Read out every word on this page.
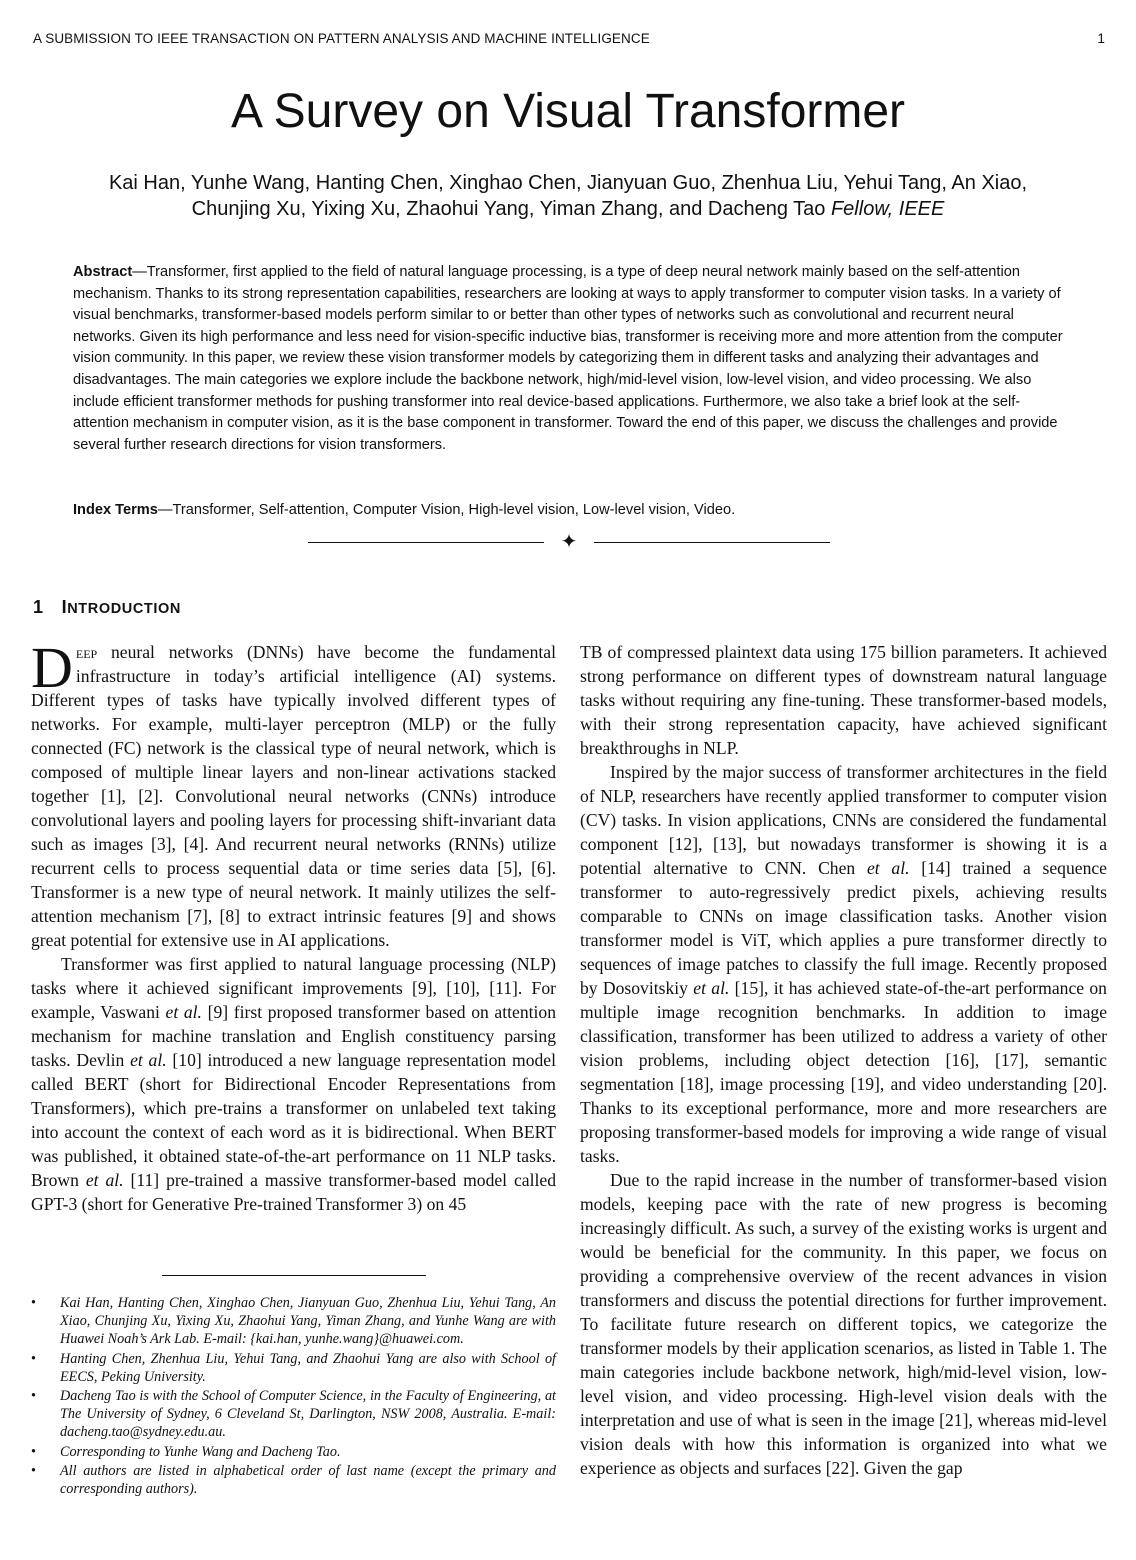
A SUBMISSION TO IEEE TRANSACTION ON PATTERN ANALYSIS AND MACHINE INTELLIGENCE	1
A Survey on Visual Transformer
Kai Han, Yunhe Wang, Hanting Chen, Xinghao Chen, Jianyuan Guo, Zhenhua Liu, Yehui Tang, An Xiao,
Chunjing Xu, Yixing Xu, Zhaohui Yang, Yiman Zhang, and Dacheng Tao Fellow, IEEE
Abstract—Transformer, first applied to the field of natural language processing, is a type of deep neural network mainly based on the self-attention mechanism. Thanks to its strong representation capabilities, researchers are looking at ways to apply transformer to computer vision tasks. In a variety of visual benchmarks, transformer-based models perform similar to or better than other types of networks such as convolutional and recurrent neural networks. Given its high performance and less need for vision-specific inductive bias, transformer is receiving more and more attention from the computer vision community. In this paper, we review these vision transformer models by categorizing them in different tasks and analyzing their advantages and disadvantages. The main categories we explore include the backbone network, high/mid-level vision, low-level vision, and video processing. We also include efficient transformer methods for pushing transformer into real device-based applications. Furthermore, we also take a brief look at the self-attention mechanism in computer vision, as it is the base component in transformer. Toward the end of this paper, we discuss the challenges and provide several further research directions for vision transformers.
Index Terms—Transformer, Self-attention, Computer Vision, High-level vision, Low-level vision, Video.
✦
1 INTRODUCTION

Deep neural networks (DNNs) have become the fundamental infrastructure in today’s artificial intelligence (AI) systems. Different types of tasks have typically involved different types of networks. For example, multi-layer perceptron (MLP) or the fully connected (FC) network is the classical type of neural network, which is composed of multiple linear layers and non-linear activations stacked together [1], [2]. Convolutional neural networks (CNNs) introduce convolutional layers and pooling layers for processing shift-invariant data such as images [3], [4]. And recurrent neural networks (RNNs) utilize recurrent cells to process sequential data or time series data [5], [6]. Transformer is a new type of neural network. It mainly utilizes the self-attention mechanism [7], [8] to extract intrinsic features [9] and shows great potential for extensive use in AI applications.

Transformer was first applied to natural language processing (NLP) tasks where it achieved significant improvements [9], [10], [11]. For example, Vaswani et al. [9] first proposed transformer based on attention mechanism for machine translation and English constituency parsing tasks. Devlin et al. [10] introduced a new language representation model called BERT (short for Bidirectional Encoder Representations from Transformers), which pre-trains a transformer on unlabeled text taking into account the context of each word as it is bidirectional. When BERT was published, it obtained state-of-the-art performance on 11 NLP tasks. Brown et al. [11] pre-trained a massive transformer-based model called GPT-3 (short for Generative Pre-trained Transformer 3) on 45

• Kai Han, Hanting Chen, Xinghao Chen, Jianyuan Guo, Zhenhua Liu, Yehui Tang, An Xiao, Chunjing Xu, Yixing Xu, Zhaohui Yang, Yiman Zhang, and Yunhe Wang are with Huawei Noah’s Ark Lab. E-mail: {kai.han, yunhe.wang}@huawei.com.
• Hanting Chen, Zhenhua Liu, Yehui Tang, and Zhaohui Yang are also with School of EECS, Peking University.
• Dacheng Tao is with the School of Computer Science, in the Faculty of Engineering, at The University of Sydney, 6 Cleveland St, Darlington, NSW 2008, Australia. E-mail: dacheng.tao@sydney.edu.au.
• Corresponding to Yunhe Wang and Dacheng Tao.
• All authors are listed in alphabetical order of last name (except the primary and corresponding authors).

TB of compressed plaintext data using 175 billion parameters. It achieved strong performance on different types of downstream natural language tasks without requiring any fine-tuning. These transformer-based models, with their strong representation capacity, have achieved significant breakthroughs in NLP.

Inspired by the major success of transformer architectures in the field of NLP, researchers have recently applied transformer to computer vision (CV) tasks. In vision applications, CNNs are considered the fundamental component [12], [13], but nowadays transformer is showing it is a potential alternative to CNN. Chen et al. [14] trained a sequence transformer to auto-regressively predict pixels, achieving results comparable to CNNs on image classification tasks. Another vision transformer model is ViT, which applies a pure transformer directly to sequences of image patches to classify the full image. Recently proposed by Dosovitskiy et al. [15], it has achieved state-of-the-art performance on multiple image recognition benchmarks. In addition to image classification, transformer has been utilized to address a variety of other vision problems, including object detection [16], [17], semantic segmentation [18], image processing [19], and video understanding [20]. Thanks to its exceptional performance, more and more researchers are proposing transformer-based models for improving a wide range of visual tasks.

Due to the rapid increase in the number of transformer-based vision models, keeping pace with the rate of new progress is becoming increasingly difficult. As such, a survey of the existing works is urgent and would be beneficial for the community. In this paper, we focus on providing a comprehensive overview of the recent advances in vision transformers and discuss the potential directions for further improvement. To facilitate future research on different topics, we categorize the transformer models by their application scenarios, as listed in Table 1. The main categories include backbone network, high/mid-level vision, low-level vision, and video processing. High-level vision deals with the interpretation and use of what is seen in the image [21], whereas mid-level vision deals with how this information is organized into what we experience as objects and surfaces [22]. Given the gap
